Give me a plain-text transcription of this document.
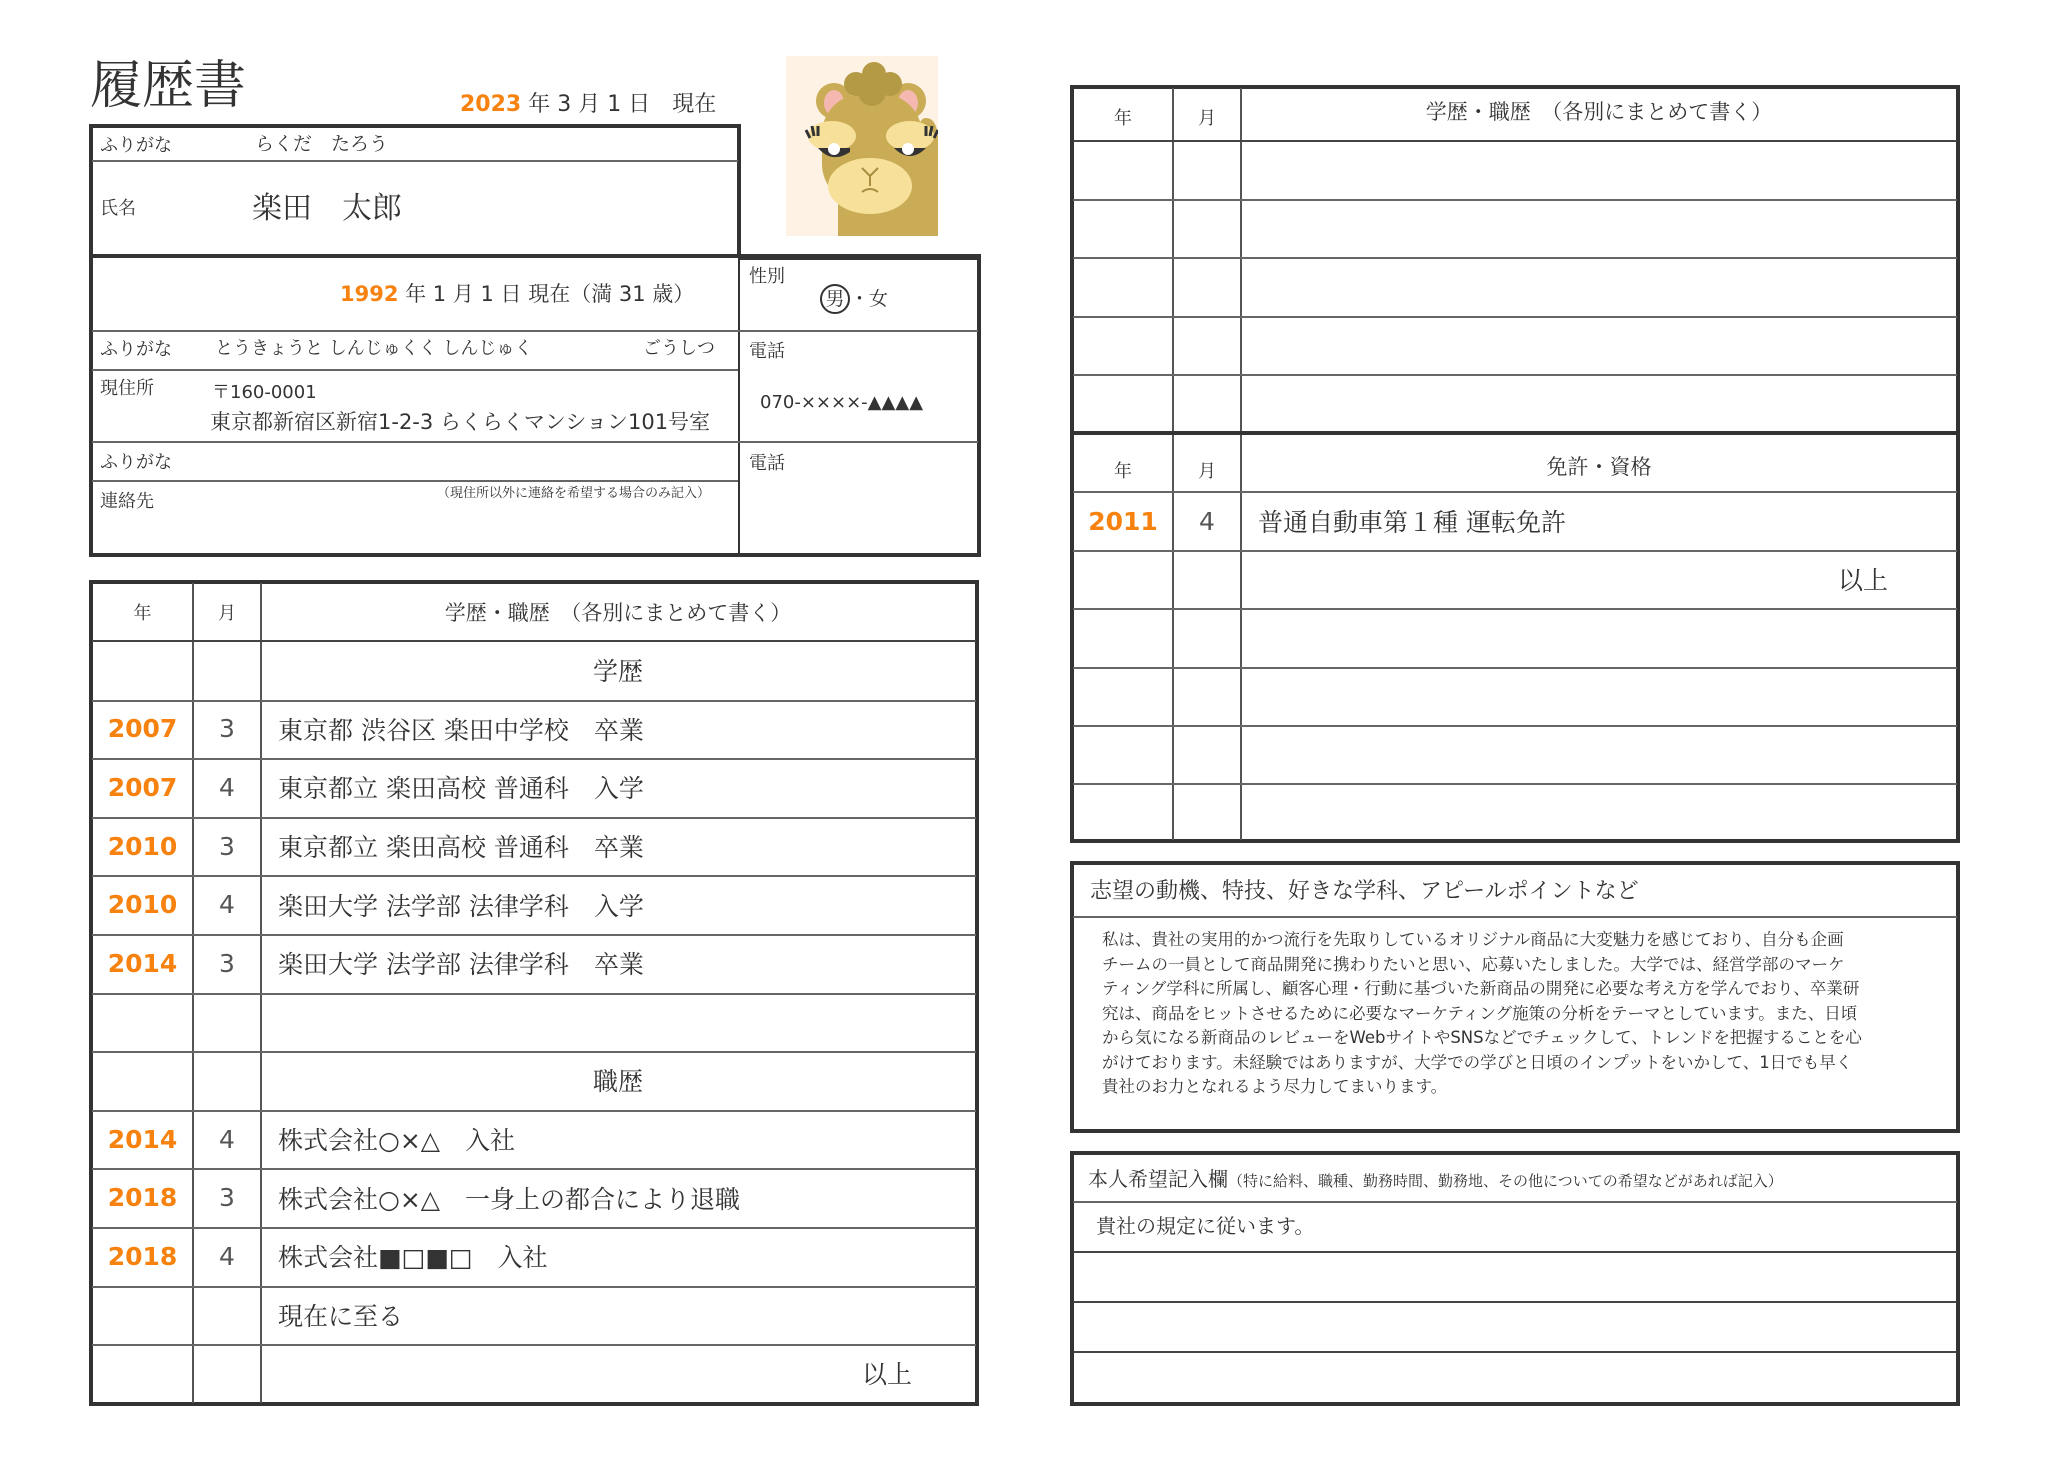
履歴書	2023 年 3 月 1 日　現在
ふりがな	らくだ　たろう
氏名	楽田　太郎
1992 年 1 月 1 日 現在（満 31 歳）
性別
男 ・ 女
ふりがな とうきょうと しんじゅくく しんじゅく	ごうしつ
現住所	〒160-0001
東京都新宿区新宿1-2-3 らくらくマンション101号室
電話
070-××××-▲▲▲▲
ふりがな
連絡先	（現住所以外に連絡を希望する場合のみ記入）
電話
年	月	学歴・職歴　（各別にまとめて書く）
学歴
2007	3	東京都 渋谷区 楽田中学校　卒業
2007	4	東京都立 楽田高校 普通科　入学
2010	3	東京都立 楽田高校 普通科　卒業
2010	4	楽田大学 法学部 法律学科　入学
2014	3	楽田大学 法学部 法律学科　卒業
職歴
2014	4	株式会社○×△　入社
2018	3	株式会社○×△　一身上の都合により退職
2018	4	株式会社■□■□　入社
現在に至る
以上
年	月	学歴・職歴　（各別にまとめて書く）
年	月	免許・資格
2011	4	普通自動車第１種 運転免許
以上
志望の動機、特技、好きな学科、アピールポイントなど
私は、貴社の実用的かつ流行を先取りしているオリジナル商品に大変魅力を感じており、自分も企画
チームの一員として商品開発に携わりたいと思い、応募いたしました。大学では、経営学部のマーケ
ティング学科に所属し、顧客心理・行動に基づいた新商品の開発に必要な考え方を学んでおり、卒業研
究は、商品をヒットさせるために必要なマーケティング施策の分析をテーマとしています。また、日頃
から気になる新商品のレビューをWebサイトやSNSなどでチェックして、トレンドを把握することを心
がけております。未経験ではありますが、大学での学びと日頃のインプットをいかして、1日でも早く
貴社のお力となれるよう尽力してまいります。
本人希望記入欄（特に給料、職種、勤務時間、勤務地、その他についての希望などがあれば記入）
貴社の規定に従います。
